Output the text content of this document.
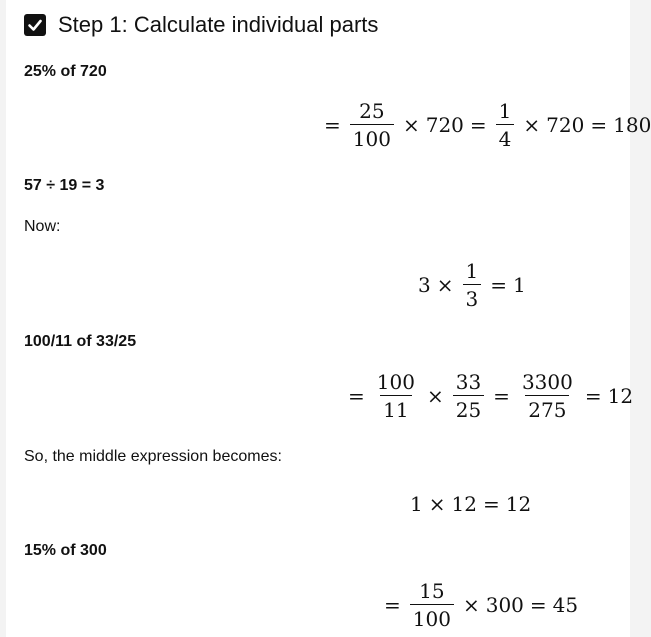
Step 1: Calculate individual parts
25% of 720
= $\frac{25}{100} \times 720 = \frac{1}{4} \times 720 = 180$
57 ÷ 19 = 3
Now:
$3 \times \frac{1}{3} = 1$
100/11 of 33/25
= $\frac{100}{11} \times \frac{33}{25} = \frac{3300}{275} = 12$
So, the middle expression becomes:
1 × 12 = 12
15% of 300
= $\frac{15}{100} \times 300 = 45$
